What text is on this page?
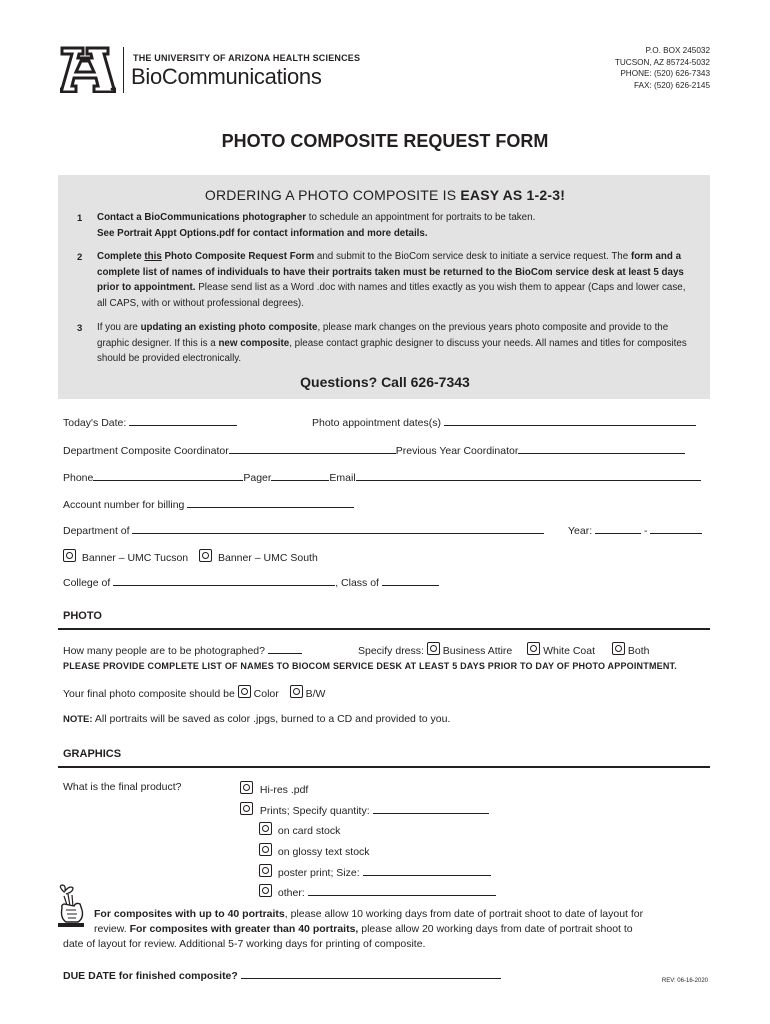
THE UNIVERSITY OF ARIZONA HEALTH SCIENCES
BioCommunications
P.O. BOX 245032
TUCSON, AZ 85724-5032
PHONE: (520) 626-7343
FAX: (520) 626-2145
PHOTO COMPOSITE REQUEST FORM
ORDERING A PHOTO COMPOSITE IS EASY AS 1-2-3!
1 Contact a BioCommunications photographer to schedule an appointment for portraits to be taken.
See Portrait Appt Options.pdf for contact information and more details.
2 Complete this Photo Composite Request Form and submit to the BioCom service desk to initiate a service request. The form and a complete list of names of individuals to have their portraits taken must be returned to the BioCom service desk at least 5 days prior to appointment. Please send list as a Word .doc with names and titles exactly as you wish them to appear (Caps and lower case, all CAPS, with or without professional degrees).
3 If you are updating an existing photo composite, please mark changes on the previous years photo composite and provide to the graphic designer. If this is a new composite, please contact graphic designer to discuss your needs. All names and titles for composites should be provided electronically.
Questions? Call 626-7343
Today's Date:	Photo appointment dates(s)
Department Composite Coordinator	Previous Year Coordinator
Phone	Pager	Email
Account number for billing
Department of	Year:	-
Banner – UMC Tucson	Banner – UMC South
College of	, Class of
PHOTO
How many people are to be photographed?	Specify dress: Business Attire	White Coat	Both
PLEASE PROVIDE COMPLETE LIST OF NAMES TO BIOCOM SERVICE DESK AT LEAST 5 DAYS PRIOR TO DAY OF PHOTO APPOINTMENT.
Your final photo composite should be Color	B/W
NOTE: All portraits will be saved as color .jpgs, burned to a CD and provided to you.
GRAPHICS
What is the final product?	Hi-res .pdf
Prints; Specify quantity:
on card stock
on glossy text stock
poster print; Size:
other:
For composites with up to 40 portraits, please allow 10 working days from date of portrait shoot to date of layout for
review. For composites with greater than 40 portraits, please allow 20 working days from date of portrait shoot to
date of layout for review. Additional 5-7 working days for printing of composite.
DUE DATE for finished composite?	REV: 06-16-2020
